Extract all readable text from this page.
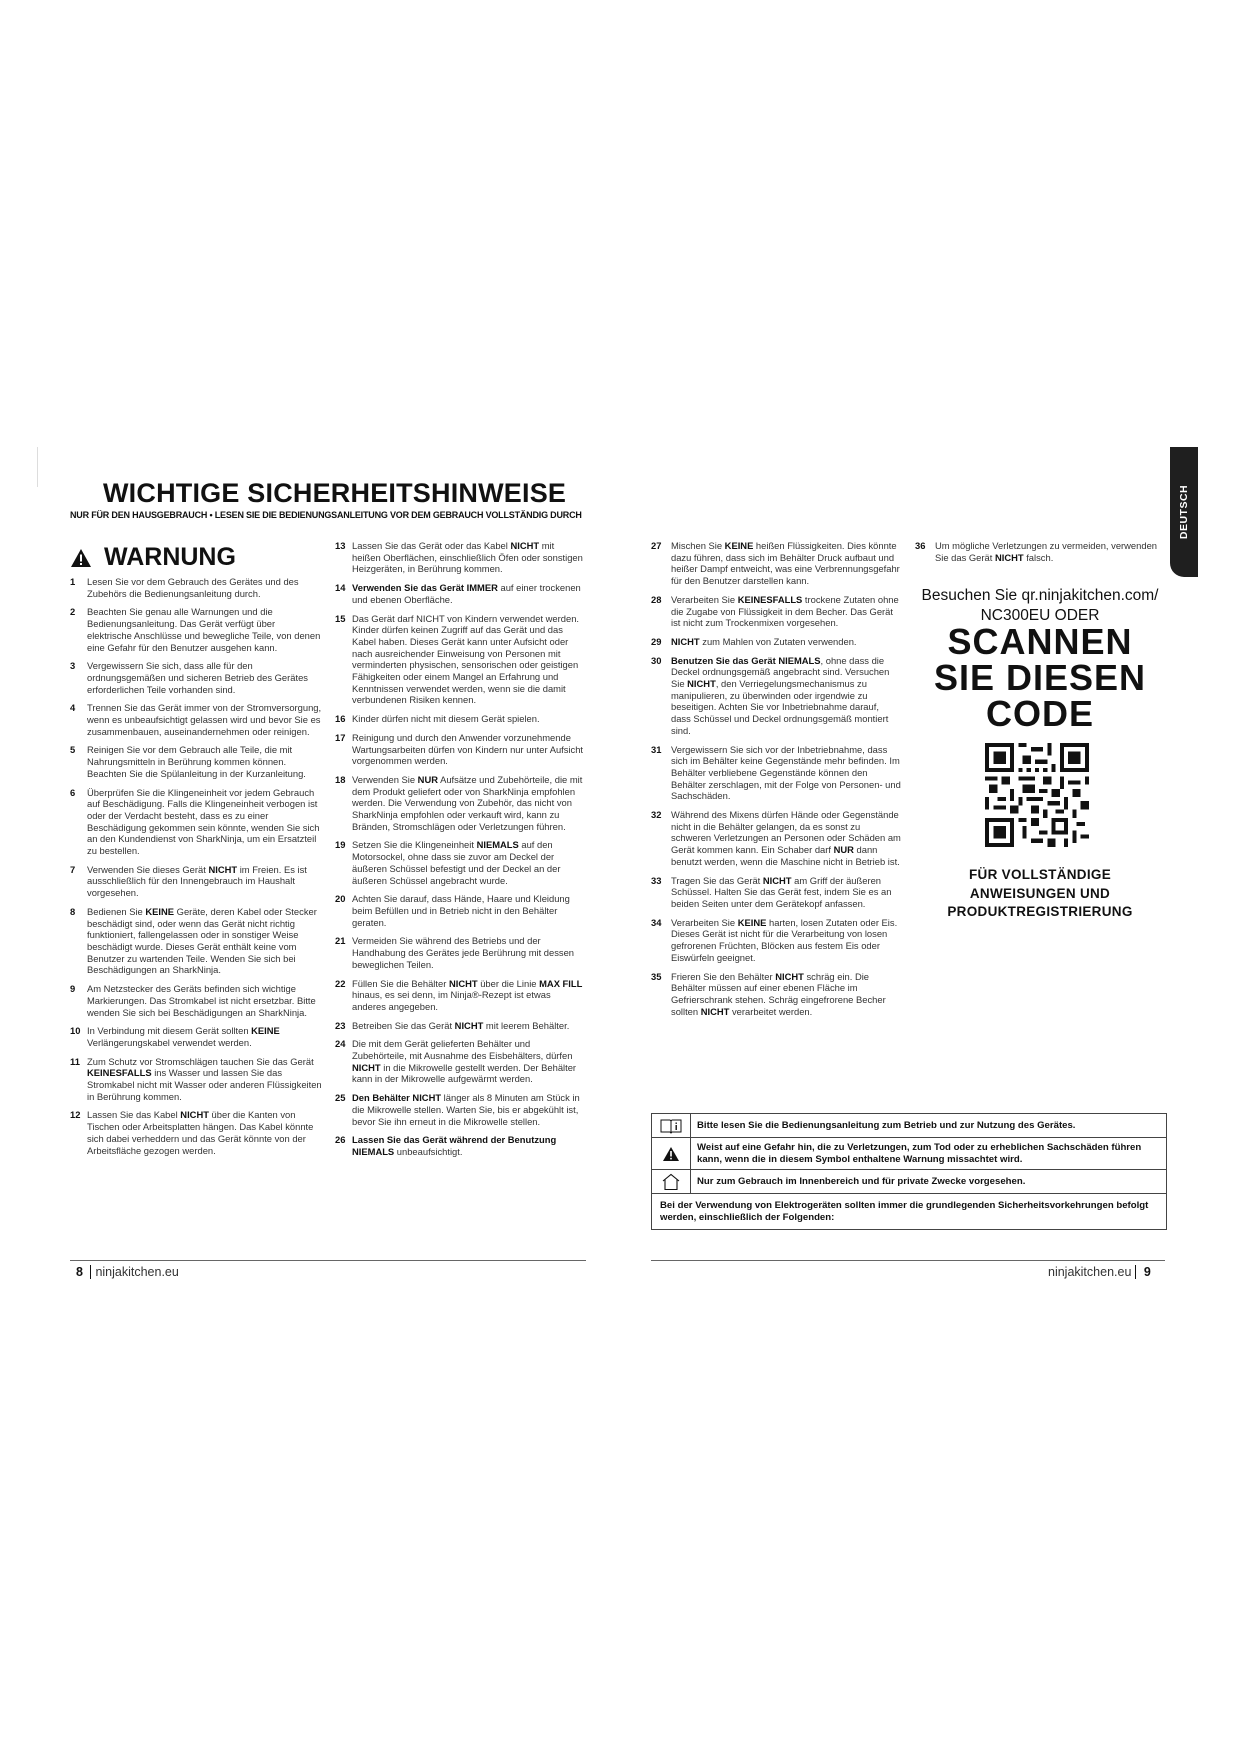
WICHTIGE SICHERHEITSHINWEISE
NUR FÜR DEN HAUSGEBRAUCH • LESEN SIE DIE BEDIENUNGSANLEITUNG VOR DEM GEBRAUCH VOLLSTÄNDIG DURCH
WARNUNG
DEUTSCH
1	Lesen Sie vor dem Gebrauch des Gerätes und des Zubehörs die Bedienungsanleitung durch.
2	Beachten Sie genau alle Warnungen und die Bedienungsanleitung. Das Gerät verfügt über elektrische Anschlüsse und bewegliche Teile, von denen eine Gefahr für den Benutzer ausgehen kann.
3	Vergewissern Sie sich, dass alle für den ordnungsgemäßen und sicheren Betrieb des Gerätes erforderlichen Teile vorhanden sind.
4	Trennen Sie das Gerät immer von der Stromversorgung, wenn es unbeaufsichtigt gelassen wird und bevor Sie es zusammenbauen, auseinandernehmen oder reinigen.
5	Reinigen Sie vor dem Gebrauch alle Teile, die mit Nahrungsmitteln in Berührung kommen können. Beachten Sie die Spülanleitung in der Kurzanleitung.
6	Überprüfen Sie die Klingeneinheit vor jedem Gebrauch auf Beschädigung. Falls die Klingeneinheit verbogen ist oder der Verdacht besteht, dass es zu einer Beschädigung gekommen sein könnte, wenden Sie sich an den Kundendienst von SharkNinja, um ein Ersatzteil zu bestellen.
7	Verwenden Sie dieses Gerät NICHT im Freien. Es ist ausschließlich für den Innengebrauch im Haushalt vorgesehen.
8	Bedienen Sie KEINE Geräte, deren Kabel oder Stecker beschädigt sind, oder wenn das Gerät nicht richtig funktioniert, fallengelassen oder in sonstiger Weise beschädigt wurde. Dieses Gerät enthält keine vom Benutzer zu wartenden Teile. Wenden Sie sich bei Beschädigungen an SharkNinja.
9	Am Netzstecker des Geräts befinden sich wichtige Markierungen. Das Stromkabel ist nicht ersetzbar. Bitte wenden Sie sich bei Beschädigungen an SharkNinja.
10 In Verbindung mit diesem Gerät sollten KEINE Verlängerungskabel verwendet werden.
11 Zum Schutz vor Stromschlägen tauchen Sie das Gerät KEINESFALLS ins Wasser und lassen Sie das Stromkabel nicht mit Wasser oder anderen Flüssigkeiten in Berührung kommen.
12 Lassen Sie das Kabel NICHT über die Kanten von Tischen oder Arbeitsplatten hängen. Das Kabel könnte sich dabei verheddern und das Gerät könnte von der Arbeitsfläche gezogen werden.
13 Lassen Sie das Gerät oder das Kabel NICHT mit heißen Oberflächen, einschließlich Öfen oder sonstigen Heizgeräten, in Berührung kommen.
14 Verwenden Sie das Gerät IMMER auf einer trockenen und ebenen Oberfläche.
15 Das Gerät darf NICHT von Kindern verwendet werden. Kinder dürfen keinen Zugriff auf das Gerät und das Kabel haben. Dieses Gerät kann unter Aufsicht oder nach ausreichender Einweisung von Personen mit verminderten physischen, sensorischen oder geistigen Fähigkeiten oder einem Mangel an Erfahrung und Kenntnissen verwendet werden, wenn sie die damit verbundenen Risiken kennen.
16 Kinder dürfen nicht mit diesem Gerät spielen.
17 Reinigung und durch den Anwender vorzunehmende Wartungsarbeiten dürfen von Kindern nur unter Aufsicht vorgenommen werden.
18 Verwenden Sie NUR Aufsätze und Zubehörteile, die mit dem Produkt geliefert oder von SharkNinja empfohlen werden. Die Verwendung von Zubehör, das nicht von SharkNinja empfohlen oder verkauft wird, kann zu Bränden, Stromschlägen oder Verletzungen führen.
19 Setzen Sie die Klingeneinheit NIEMALS auf den Motorsockel, ohne dass sie zuvor am Deckel der äußeren Schüssel befestigt und der Deckel an der äußeren Schüssel angebracht wurde.
20 Achten Sie darauf, dass Hände, Haare und Kleidung beim Befüllen und in Betrieb nicht in den Behälter geraten.
21 Vermeiden Sie während des Betriebs und der Handhabung des Gerätes jede Berührung mit dessen beweglichen Teilen.
22 Füllen Sie die Behälter NICHT über die Linie MAX FILL hinaus, es sei denn, im Ninja®-Rezept ist etwas anderes angegeben.
23 Betreiben Sie das Gerät NICHT mit leerem Behälter.
24 Die mit dem Gerät gelieferten Behälter und Zubehörteile, mit Ausnahme des Eisbehälters, dürfen NICHT in die Mikrowelle gestellt werden. Der Behälter kann in der Mikrowelle aufgewärmt werden.
25 Den Behälter NICHT länger als 8 Minuten am Stück in die Mikrowelle stellen. Warten Sie, bis er abgekühlt ist, bevor Sie ihn erneut in die Mikrowelle stellen.
26 Lassen Sie das Gerät während der Benutzung NIEMALS unbeaufsichtigt.
27	Mischen Sie KEINE heißen Flüssigkeiten. Dies könnte dazu führen, dass sich im Behälter Druck aufbaut und heißer Dampf entweicht, was eine Verbrennungsgefahr für den Benutzer darstellen kann.
28	Verarbeiten Sie KEINESFALLS trockene Zutaten ohne die Zugabe von Flüssigkeit in dem Becher. Das Gerät ist nicht zum Trockenmixen vorgesehen.
29	NICHT zum Mahlen von Zutaten verwenden.
30	Benutzen Sie das Gerät NIEMALS, ohne dass die Deckel ordnungsgemäß angebracht sind. Versuchen Sie NICHT, den Verriegelungsmechanismus zu manipulieren, zu überwinden oder irgendwie zu beseitigen. Achten Sie vor Inbetriebnahme darauf, dass Schüssel und Deckel ordnungsgemäß montiert sind.
31	Vergewissern Sie sich vor der Inbetriebnahme, dass sich im Behälter keine Gegenstände mehr befinden. Im Behälter verbliebene Gegenstände können den Behälter zerschlagen, mit der Folge von Personen- und Sachschäden.
32	Während des Mixens dürfen Hände oder Gegenstände nicht in die Behälter gelangen, da es sonst zu schweren Verletzungen an Personen oder Schäden am Gerät kommen kann. Ein Schaber darf NUR dann benutzt werden, wenn die Maschine nicht in Betrieb ist.
33	Tragen Sie das Gerät NICHT am Griff der äußeren Schüssel. Halten Sie das Gerät fest, indem Sie es an beiden Seiten unter dem Gerätekopf anfassen.
34	Verarbeiten Sie KEINE harten, losen Zutaten oder Eis. Dieses Gerät ist nicht für die Verarbeitung von losen gefrorenen Früchten, Blöcken aus festem Eis oder Eiswürfeln geeignet.
35	Frieren Sie den Behälter NICHT schräg ein. Die Behälter müssen auf einer ebenen Fläche im Gefrierschrank stehen. Schräg eingefrorene Becher sollten NICHT verarbeitet werden.
36	Um mögliche Verletzungen zu vermeiden, verwenden Sie das Gerät NICHT falsch.
Besuchen Sie qr.ninjakitchen.com/
NC300EU ODER
SCANNEN
SIE DIESEN
CODE
FÜR VOLLSTÄNDIGE
ANWEISUNGEN UND
PRODUKTREGISTRIERUNG
Bitte lesen Sie die Bedienungsanleitung zum Betrieb und zur Nutzung des Gerätes.
Weist auf eine Gefahr hin, die zu Verletzungen, zum Tod oder zu erheblichen Sachschäden führen kann, wenn die in diesem Symbol enthaltene Warnung missachtet wird.
Nur zum Gebrauch im Innenbereich und für private Zwecke vorgesehen.
Bei der Verwendung von Elektrogeräten sollten immer die grundlegenden Sicherheitsvorkehrungen befolgt werden, einschließlich der Folgenden:
8 ninjakitchen.eu	ninjakitchen.eu 9
